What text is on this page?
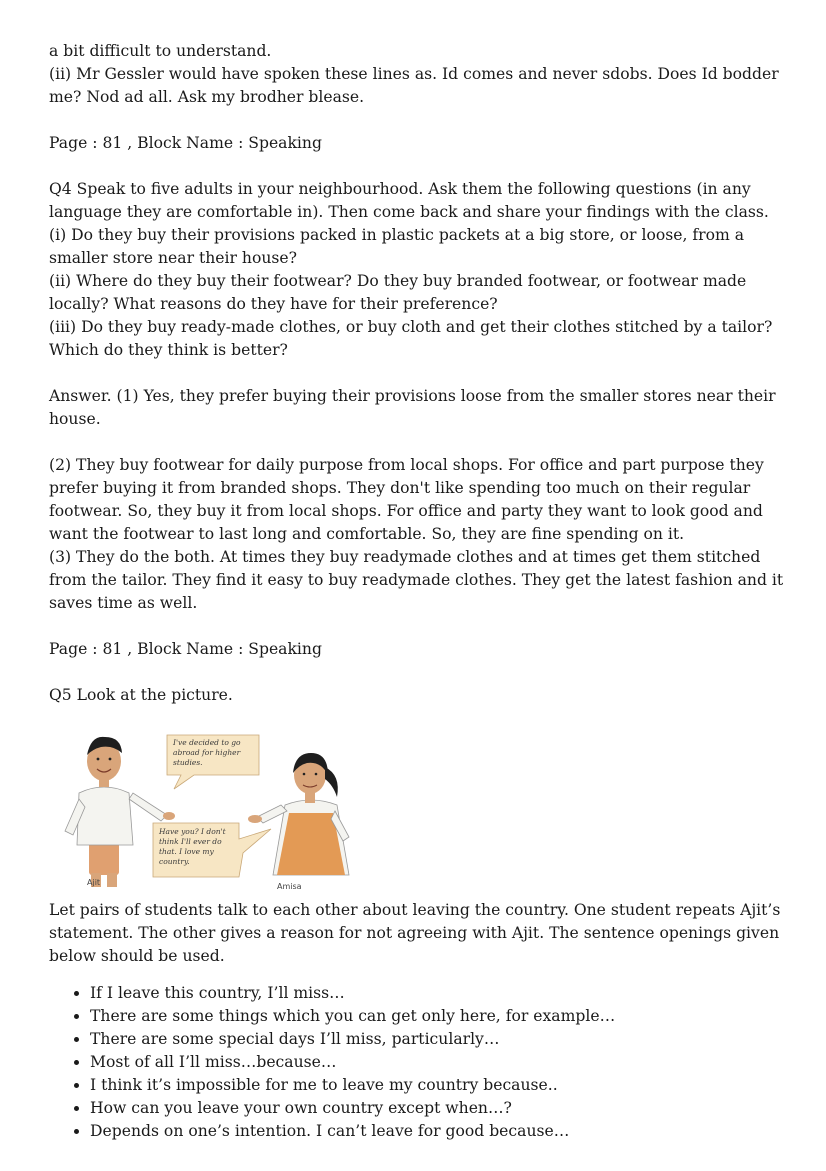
a bit difficult to understand.

(ii) Mr Gessler would have spoken these lines as. Id comes and never sdobs. Does Id bodder me? Nod ad all. Ask my brodher blease.

Page : 81 , Block Name : Speaking

Q4 Speak to five adults in your neighbourhood. Ask them the following questions (in any language they are comfortable in). Then come back and share your findings with the class.

(i) Do they buy their provisions packed in plastic packets at a big store, or loose, from a smaller store near their house?

(ii) Where do they buy their footwear? Do they buy branded footwear, or footwear made locally? What reasons do they have for their preference?

(iii) Do they buy ready-made clothes, or buy cloth and get their clothes stitched by a tailor? Which do they think is better?

Answer. (1) Yes, they prefer buying their provisions loose from the smaller stores near their house.

(2) They buy footwear for daily purpose from local shops. For office and part purpose they prefer buying it from branded shops. They don't like spending too much on their regular footwear. So, they buy it from local shops. For office and party they want to look good and want the footwear to last long and comfortable. So, they are fine spending on it.

(3) They do the both. At times they buy readymade clothes and at times get them stitched from the tailor. They find it easy to buy readymade clothes. They get the latest fashion and it saves time as well.

Page : 81 , Block Name : Speaking

Q5 Look at the picture.

I've decided to go
abroad for higher
studies.
Have you? I don't
think I'll ever do
that. I love my
country.
Ajit	Amisa

Let pairs of students talk to each other about leaving the country. One student repeats Ajit’s statement. The other gives a reason for not agreeing with Ajit. The sentence openings given below should be used.

• If I leave this country, I’ll miss…
• There are some things which you can get only here, for example…
• There are some special days I’ll miss, particularly…
• Most of all I’ll miss…because…
• I think it’s impossible for me to leave my country because..
• How can you leave your own country except when…?
• Depends on one’s intention. I can’t leave for good because…
